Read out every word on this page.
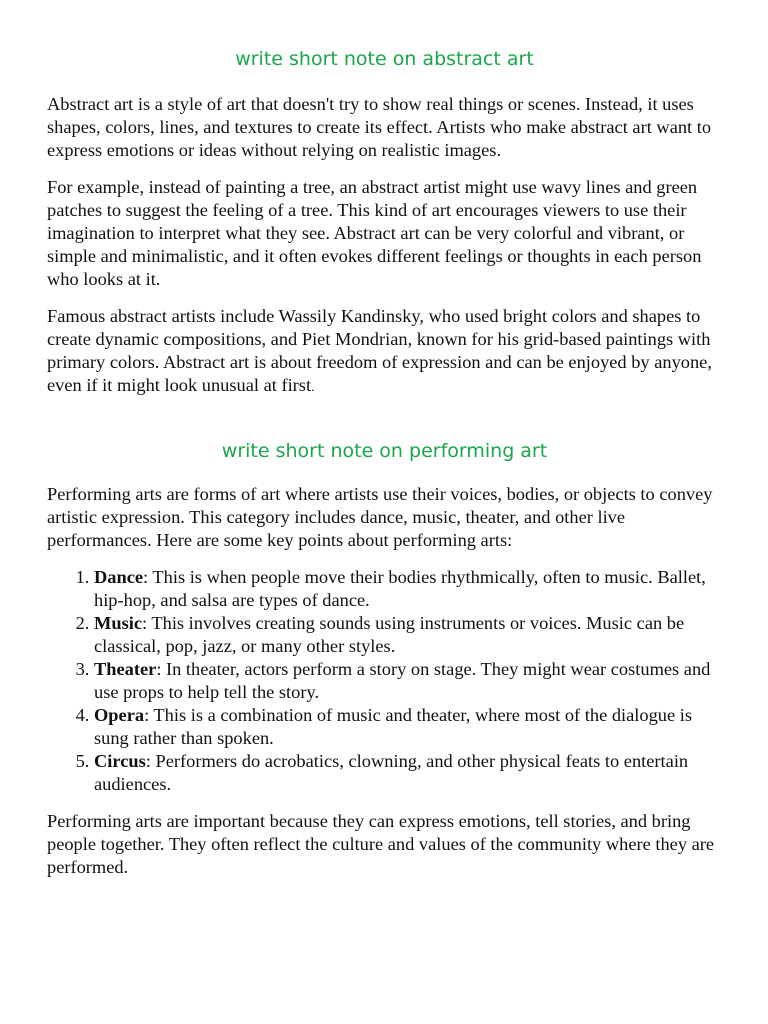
write short note on abstract art

Abstract art is a style of art that doesn't try to show real things or scenes. Instead, it uses shapes, colors, lines, and textures to create its effect. Artists who make abstract art want to express emotions or ideas without relying on realistic images.

For example, instead of painting a tree, an abstract artist might use wavy lines and green patches to suggest the feeling of a tree. This kind of art encourages viewers to use their imagination to interpret what they see. Abstract art can be very colorful and vibrant, or simple and minimalistic, and it often evokes different feelings or thoughts in each person who looks at it.

Famous abstract artists include Wassily Kandinsky, who used bright colors and shapes to create dynamic compositions, and Piet Mondrian, known for his grid-based paintings with primary colors. Abstract art is about freedom of expression and can be enjoyed by anyone, even if it might look unusual at first.

write short note on performing art

Performing arts are forms of art where artists use their voices, bodies, or objects to convey artistic expression. This category includes dance, music, theater, and other live performances. Here are some key points about performing arts:

1. Dance: This is when people move their bodies rhythmically, often to music. Ballet, hip-hop, and salsa are types of dance.
2. Music: This involves creating sounds using instruments or voices. Music can be classical, pop, jazz, or many other styles.
3. Theater: In theater, actors perform a story on stage. They might wear costumes and use props to help tell the story.
4. Opera: This is a combination of music and theater, where most of the dialogue is sung rather than spoken.
5. Circus: Performers do acrobatics, clowning, and other physical feats to entertain audiences.

Performing arts are important because they can express emotions, tell stories, and bring people together. They often reflect the culture and values of the community where they are performed.
